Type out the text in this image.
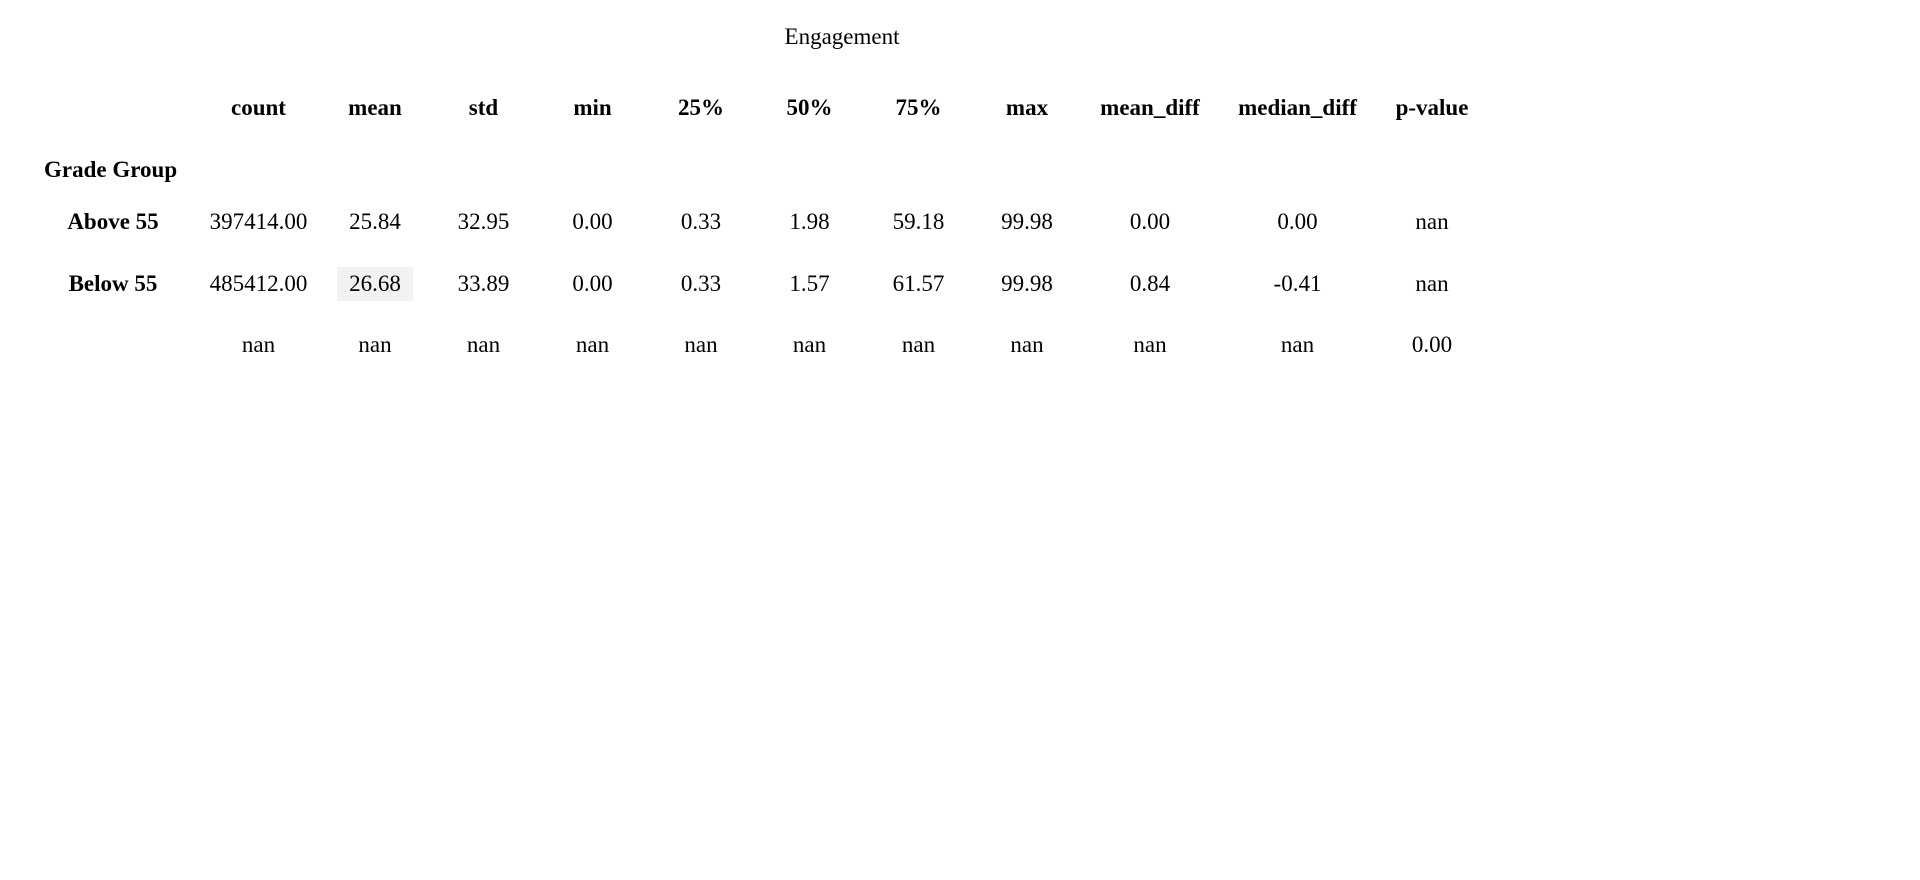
	Engagement										
	count	mean	std	min	25%	50%	75%	max	mean_diff	median_diff	p-value
Grade Group											
Above 55	397414.00	25.84	32.95	0.00	0.33	1.98	59.18	99.98	0.00	0.00	nan
Below 55	485412.00	26.68	33.89	0.00	0.33	1.57	61.57	99.98	0.84	-0.41	nan
	nan	nan	nan	nan	nan	nan	nan	nan	nan	nan	0.00
